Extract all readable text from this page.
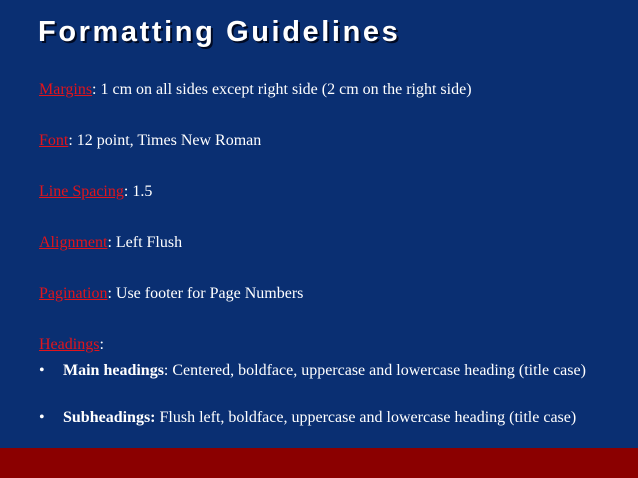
Formatting Guidelines
Margins: 1 cm on all sides except right side (2 cm on the right side)
Font: 12 point, Times New Roman
Line Spacing: 1.5
Alignment: Left Flush
Pagination: Use footer for Page Numbers
Headings:
• Main headings: Centered, boldface, uppercase and lowercase heading (title case)
• Subheadings: Flush left, boldface, uppercase and lowercase heading (title case)
